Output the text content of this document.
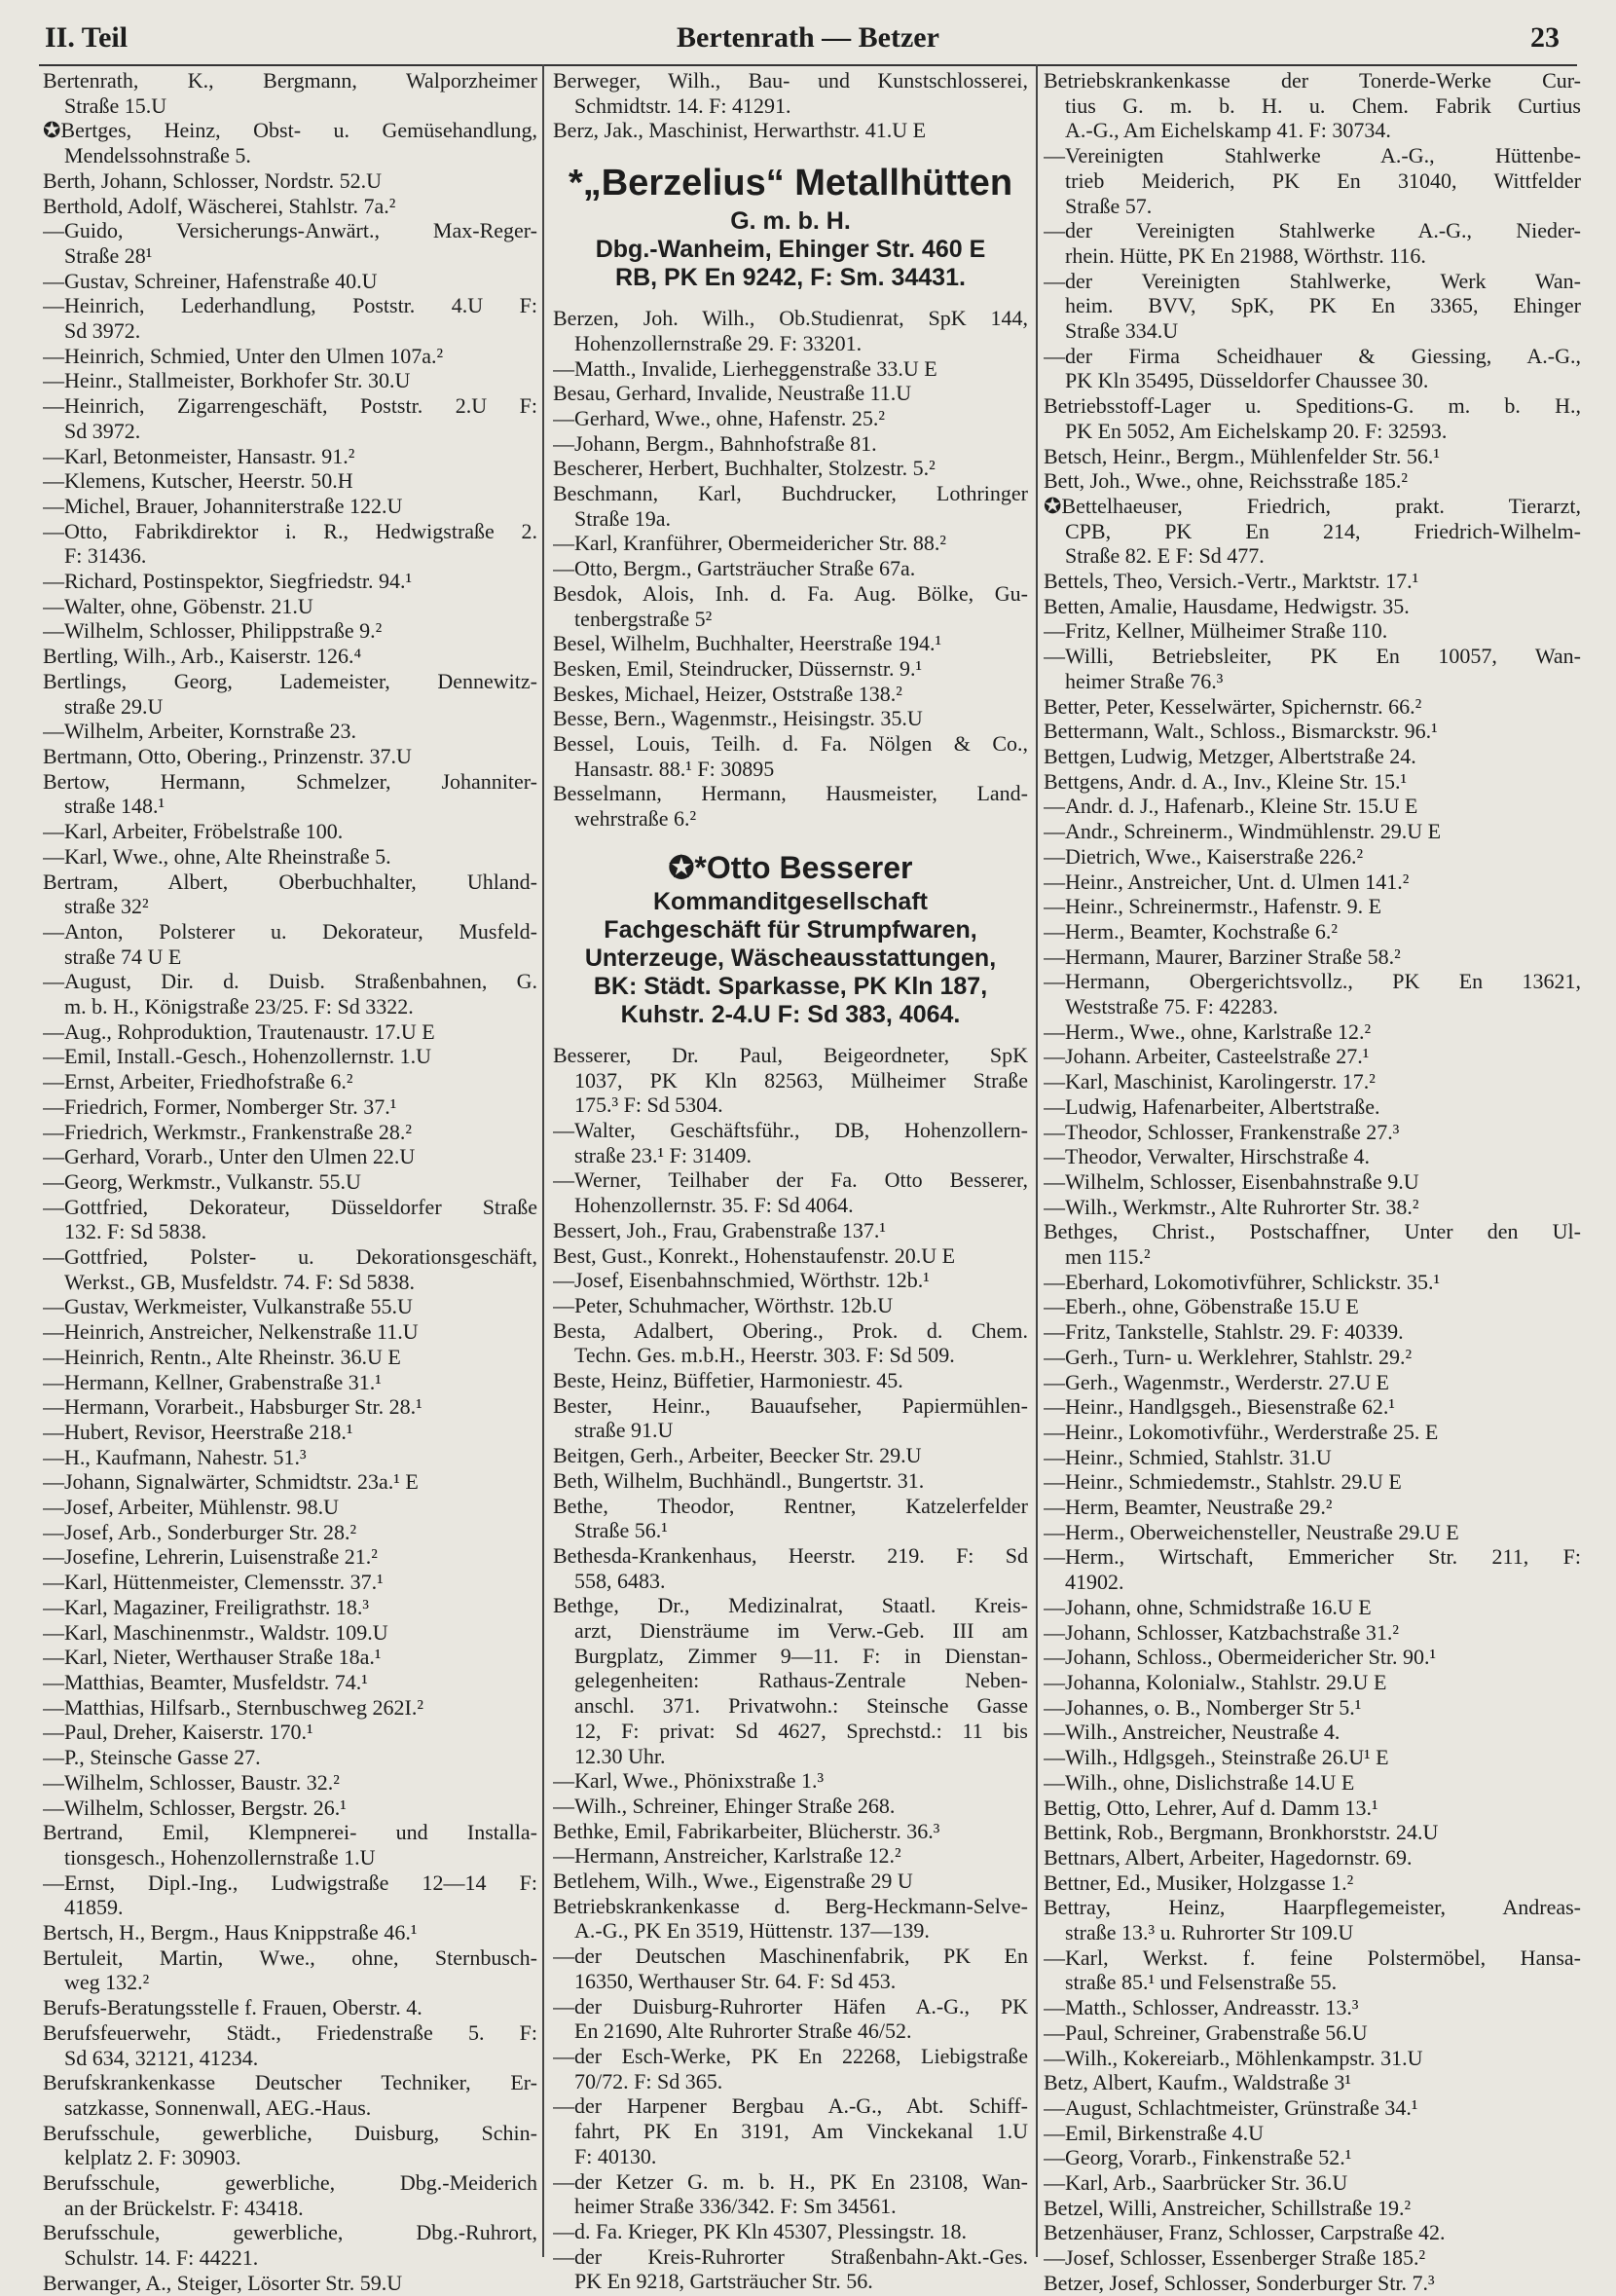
II. Teil	Bertenrath — Betzer	23
Bertenrath, K., Bergmann, Walporzheimer
Straße 15.U
✪Bertges, Heinz, Obst- u. Gemüsehandlung,
Mendelssohnstraße 5.
Berth, Johann, Schlosser, Nordstr. 52.U
Berthold, Adolf, Wäscherei, Stahlstr. 7a.²
—Guido, Versicherungs-Anwärt., Max-Reger-
Straße 28¹
—Gustav, Schreiner, Hafenstraße 40.U
—Heinrich, Lederhandlung, Poststr. 4.U F:
Sd 3972.
—Heinrich, Schmied, Unter den Ulmen 107a.²
—Heinr., Stallmeister, Borkhofer Str. 30.U
—Heinrich, Zigarrengeschäft, Poststr. 2.U F:
Sd 3972.
—Karl, Betonmeister, Hansastr. 91.²
—Klemens, Kutscher, Heerstr. 50.H
—Michel, Brauer, Johanniterstraße 122.U
—Otto, Fabrikdirektor i. R., Hedwigstraße 2.
F: 31436.
—Richard, Postinspektor, Siegfriedstr. 94.¹
—Walter, ohne, Göbenstr. 21.U
—Wilhelm, Schlosser, Philippstraße 9.²
Bertling, Wilh., Arb., Kaiserstr. 126.⁴
Bertlings, Georg, Lademeister, Dennewitz-
straße 29.U
—Wilhelm, Arbeiter, Kornstraße 23.
Bertmann, Otto, Obering., Prinzenstr. 37.U
Bertow, Hermann, Schmelzer, Johanniter-
straße 148.¹
—Karl, Arbeiter, Fröbelstraße 100.
—Karl, Wwe., ohne, Alte Rheinstraße 5.
Bertram, Albert, Oberbuchhalter, Uhland-
straße 32²
—Anton, Polsterer u. Dekorateur, Musfeld-
straße 74 U E
—August, Dir. d. Duisb. Straßenbahnen, G.
m. b. H., Königstraße 23/25. F: Sd 3322.
—Aug., Rohproduktion, Trautenaustr. 17.U E
—Emil, Install.-Gesch., Hohenzollernstr. 1.U
—Ernst, Arbeiter, Friedhofstraße 6.²
—Friedrich, Former, Nomberger Str. 37.¹
—Friedrich, Werkmstr., Frankenstraße 28.²
—Gerhard, Vorarb., Unter den Ulmen 22.U
—Georg, Werkmstr., Vulkanstr. 55.U
—Gottfried, Dekorateur, Düsseldorfer Straße
132. F: Sd 5838.
—Gottfried, Polster- u. Dekorationsgeschäft,
Werkst., GB, Musfeldstr. 74. F: Sd 5838.
—Gustav, Werkmeister, Vulkanstraße 55.U
—Heinrich, Anstreicher, Nelkenstraße 11.U
—Heinrich, Rentn., Alte Rheinstr. 36.U E
—Hermann, Kellner, Grabenstraße 31.¹
—Hermann, Vorarbeit., Habsburger Str. 28.¹
—Hubert, Revisor, Heerstraße 218.¹
—H., Kaufmann, Nahestr. 51.³
—Johann, Signalwärter, Schmidtstr. 23a.¹ E
—Josef, Arbeiter, Mühlenstr. 98.U
—Josef, Arb., Sonderburger Str. 28.²
—Josefine, Lehrerin, Luisenstraße 21.²
—Karl, Hüttenmeister, Clemensstr. 37.¹
—Karl, Magaziner, Freiligrathstr. 18.³
—Karl, Maschinenmstr., Waldstr. 109.U
—Karl, Nieter, Werthauser Straße 18a.¹
—Matthias, Beamter, Musfeldstr. 74.¹
—Matthias, Hilfsarb., Sternbuschweg 262I.²
—Paul, Dreher, Kaiserstr. 170.¹
—P., Steinsche Gasse 27.
—Wilhelm, Schlosser, Baustr. 32.²
—Wilhelm, Schlosser, Bergstr. 26.¹
Bertrand, Emil, Klempnerei- und Installa-
tionsgesch., Hohenzollernstraße 1.U
—Ernst, Dipl.-Ing., Ludwigstraße 12—14 F:
41859.
Bertsch, H., Bergm., Haus Knippstraße 46.¹
Bertuleit, Martin, Wwe., ohne, Sternbusch-
weg 132.²
Berufs-Beratungsstelle f. Frauen, Oberstr. 4.
Berufsfeuerwehr, Städt., Friedenstraße 5. F:
Sd 634, 32121, 41234.
Berufskrankenkasse Deutscher Techniker, Er-
satzkasse, Sonnenwall, AEG.-Haus.
Berufsschule, gewerbliche, Duisburg, Schin-
kelplatz 2. F: 30903.
Berufsschule, gewerbliche, Dbg.-Meiderich
an der Brückelstr. F: 43418.
Berufsschule, gewerbliche, Dbg.-Ruhrort,
Schulstr. 14. F: 44221.
Berwanger, A., Steiger, Lösorter Str. 59.U
Berweger, Wilh., Bau- und Kunstschlosserei,
Schmidtstr. 14. F: 41291.
Berz, Jak., Maschinist, Herwarthstr. 41.U E
*„Berzelius“ Metallhütten
G. m. b. H.
Dbg.-Wanheim, Ehinger Str. 460 E
RB, PK En 9242, F: Sm. 34431.
Berzen, Joh. Wilh., Ob.Studienrat, SpK 144,
Hohenzollernstraße 29. F: 33201.
—Matth., Invalide, Lierheggenstraße 33.U E
Besau, Gerhard, Invalide, Neustraße 11.U
—Gerhard, Wwe., ohne, Hafenstr. 25.²
—Johann, Bergm., Bahnhofstraße 81.
Bescherer, Herbert, Buchhalter, Stolzestr. 5.²
Beschmann, Karl, Buchdrucker, Lothringer
Straße 19a.
—Karl, Kranführer, Obermeidericher Str. 88.²
—Otto, Bergm., Gartsträucher Straße 67a.
Besdok, Alois, Inh. d. Fa. Aug. Bölke, Gu-
tenbergstraße 5²
Besel, Wilhelm, Buchhalter, Heerstraße 194.¹
Besken, Emil, Steindrucker, Düssernstr. 9.¹
Beskes, Michael, Heizer, Oststraße 138.²
Besse, Bern., Wagenmstr., Heisingstr. 35.U
Bessel, Louis, Teilh. d. Fa. Nölgen & Co.,
Hansastr. 88.¹ F: 30895
Besselmann, Hermann, Hausmeister, Land-
wehrstraße 6.²
✪*Otto Besserer
Kommanditgesellschaft
Fachgeschäft für Strumpfwaren,
Unterzeuge, Wäscheausstattungen,
BK: Städt. Sparkasse, PK Kln 187,
Kuhstr. 2-4.U F: Sd 383, 4064.
Besserer, Dr. Paul, Beigeordneter, SpK
1037, PK Kln 82563, Mülheimer Straße
175.³ F: Sd 5304.
—Walter, Geschäftsführ., DB, Hohenzollern-
straße 23.¹ F: 31409.
—Werner, Teilhaber der Fa. Otto Besserer,
Hohenzollernstr. 35. F: Sd 4064.
Bessert, Joh., Frau, Grabenstraße 137.¹
Best, Gust., Konrekt., Hohenstaufenstr. 20.U E
—Josef, Eisenbahnschmied, Wörthstr. 12b.¹
—Peter, Schuhmacher, Wörthstr. 12b.U
Besta, Adalbert, Obering., Prok. d. Chem.
Techn. Ges. m.b.H., Heerstr. 303. F: Sd 509.
Beste, Heinz, Büffetier, Harmoniestr. 45.
Bester, Heinr., Bauaufseher, Papiermühlen-
straße 91.U
Beitgen, Gerh., Arbeiter, Beecker Str. 29.U
Beth, Wilhelm, Buchhändl., Bungertstr. 31.
Bethe, Theodor, Rentner, Katzelerfelder
Straße 56.¹
Bethesda-Krankenhaus, Heerstr. 219. F: Sd
558, 6483.
Bethge, Dr., Medizinalrat, Staatl. Kreis-
arzt, Diensträume im Verw.-Geb. III am
Burgplatz, Zimmer 9—11. F: in Dienstan-
gelegenheiten: Rathaus-Zentrale Neben-
anschl. 371. Privatwohn.: Steinsche Gasse
12, F: privat: Sd 4627, Sprechstd.: 11 bis
12.30 Uhr.
—Karl, Wwe., Phönixstraße 1.³
—Wilh., Schreiner, Ehinger Straße 268.
Bethke, Emil, Fabrikarbeiter, Blücherstr. 36.³
—Hermann, Anstreicher, Karlstraße 12.²
Betlehem, Wilh., Wwe., Eigenstraße 29 U
Betriebskrankenkasse d. Berg-Heckmann-Selve-
A.-G., PK En 3519, Hüttenstr. 137—139.
—der Deutschen Maschinenfabrik, PK En
16350, Werthauser Str. 64. F: Sd 453.
—der Duisburg-Ruhrorter Häfen A.-G., PK
En 21690, Alte Ruhrorter Straße 46/52.
—der Esch-Werke, PK En 22268, Liebigstraße
70/72. F: Sd 365.
—der Harpener Bergbau A.-G., Abt. Schiff-
fahrt, PK En 3191, Am Vinckekanal 1.U
F: 40130.
—der Ketzer G. m. b. H., PK En 23108, Wan-
heimer Straße 336/342. F: Sm 34561.
—d. Fa. Krieger, PK Kln 45307, Plessingstr. 18.
—der Kreis-Ruhrorter Straßenbahn-Akt.-Ges.
PK En 9218, Gartsträucher Str. 56.
Betriebskrankenkasse der Tonerde-Werke Cur-
tius G. m. b. H. u. Chem. Fabrik Curtius
A.-G., Am Eichelskamp 41. F: 30734.
—Vereinigten Stahlwerke A.-G., Hüttenbe-
trieb Meiderich, PK En 31040, Wittfelder
Straße 57.
—der Vereinigten Stahlwerke A.-G., Nieder-
rhein. Hütte, PK En 21988, Wörthstr. 116.
—der Vereinigten Stahlwerke, Werk Wan-
heim. BVV, SpK, PK En 3365, Ehinger
Straße 334.U
—der Firma Scheidhauer & Giessing, A.-G.,
PK Kln 35495, Düsseldorfer Chaussee 30.
Betriebsstoff-Lager u. Speditions-G. m. b. H.,
PK En 5052, Am Eichelskamp 20. F: 32593.
Betsch, Heinr., Bergm., Mühlenfelder Str. 56.¹
Bett, Joh., Wwe., ohne, Reichsstraße 185.²
✪Bettelhaeuser, Friedrich, prakt. Tierarzt,
CPB, PK En 214, Friedrich-Wilhelm-
Straße 82. E F: Sd 477.
Bettels, Theo, Versich.-Vertr., Marktstr. 17.¹
Betten, Amalie, Hausdame, Hedwigstr. 35.
—Fritz, Kellner, Mülheimer Straße 110.
—Willi, Betriebsleiter, PK En 10057, Wan-
heimer Straße 76.³
Better, Peter, Kesselwärter, Spichernstr. 66.²
Bettermann, Walt., Schloss., Bismarckstr. 96.¹
Bettgen, Ludwig, Metzger, Albertstraße 24.
Bettgens, Andr. d. A., Inv., Kleine Str. 15.¹
—Andr. d. J., Hafenarb., Kleine Str. 15.U E
—Andr., Schreinerm., Windmühlenstr. 29.U E
—Dietrich, Wwe., Kaiserstraße 226.²
—Heinr., Anstreicher, Unt. d. Ulmen 141.²
—Heinr., Schreinermstr., Hafenstr. 9. E
—Herm., Beamter, Kochstraße 6.²
—Hermann, Maurer, Barziner Straße 58.²
—Hermann, Obergerichtsvollz., PK En 13621,
Weststraße 75. F: 42283.
—Herm., Wwe., ohne, Karlstraße 12.²
—Johann. Arbeiter, Casteelstraße 27.¹
—Karl, Maschinist, Karolingerstr. 17.²
—Ludwig, Hafenarbeiter, Albertstraße.
—Theodor, Schlosser, Frankenstraße 27.³
—Theodor, Verwalter, Hirschstraße 4.
—Wilhelm, Schlosser, Eisenbahnstraße 9.U
—Wilh., Werkmstr., Alte Ruhrorter Str. 38.²
Bethges, Christ., Postschaffner, Unter den Ul-
men 115.²
—Eberhard, Lokomotivführer, Schlickstr. 35.¹
—Eberh., ohne, Göbenstraße 15.U E
—Fritz, Tankstelle, Stahlstr. 29. F: 40339.
—Gerh., Turn- u. Werklehrer, Stahlstr. 29.²
—Gerh., Wagenmstr., Werderstr. 27.U E
—Heinr., Handlgsgeh., Biesenstraße 62.¹
—Heinr., Lokomotivführ., Werderstraße 25. E
—Heinr., Schmied, Stahlstr. 31.U
—Heinr., Schmiedemstr., Stahlstr. 29.U E
—Herm, Beamter, Neustraße 29.²
—Herm., Oberweichensteller, Neustraße 29.U E
—Herm., Wirtschaft, Emmericher Str. 211, F:
41902.
—Johann, ohne, Schmidstraße 16.U E
—Johann, Schlosser, Katzbachstraße 31.²
—Johann, Schloss., Obermeidericher Str. 90.¹
—Johanna, Kolonialw., Stahlstr. 29.U E
—Johannes, o. B., Nomberger Str 5.¹
—Wilh., Anstreicher, Neustraße 4.
—Wilh., Hdlgsgeh., Steinstraße 26.U¹ E
—Wilh., ohne, Dislichstraße 14.U E
Bettig, Otto, Lehrer, Auf d. Damm 13.¹
Bettink, Rob., Bergmann, Bronkhorststr. 24.U
Bettnars, Albert, Arbeiter, Hagedornstr. 69.
Bettner, Ed., Musiker, Holzgasse 1.²
Bettray, Heinz, Haarpflegemeister, Andreas-
straße 13.³ u. Ruhrorter Str 109.U
—Karl, Werkst. f. feine Polstermöbel, Hansa-
straße 85.¹ und Felsenstraße 55.
—Matth., Schlosser, Andreasstr. 13.³
—Paul, Schreiner, Grabenstraße 56.U
—Wilh., Kokereiarb., Möhlenkampstr. 31.U
Betz, Albert, Kaufm., Waldstraße 3¹
—August, Schlachtmeister, Grünstraße 34.¹
—Emil, Birkenstraße 4.U
—Georg, Vorarb., Finkenstraße 52.¹
—Karl, Arb., Saarbrücker Str. 36.U
Betzel, Willi, Anstreicher, Schillstraße 19.²
Betzenhäuser, Franz, Schlosser, Carpstraße 42.
—Josef, Schlosser, Essenberger Straße 185.²
Betzer, Josef, Schlosser, Sonderburger Str. 7.³
